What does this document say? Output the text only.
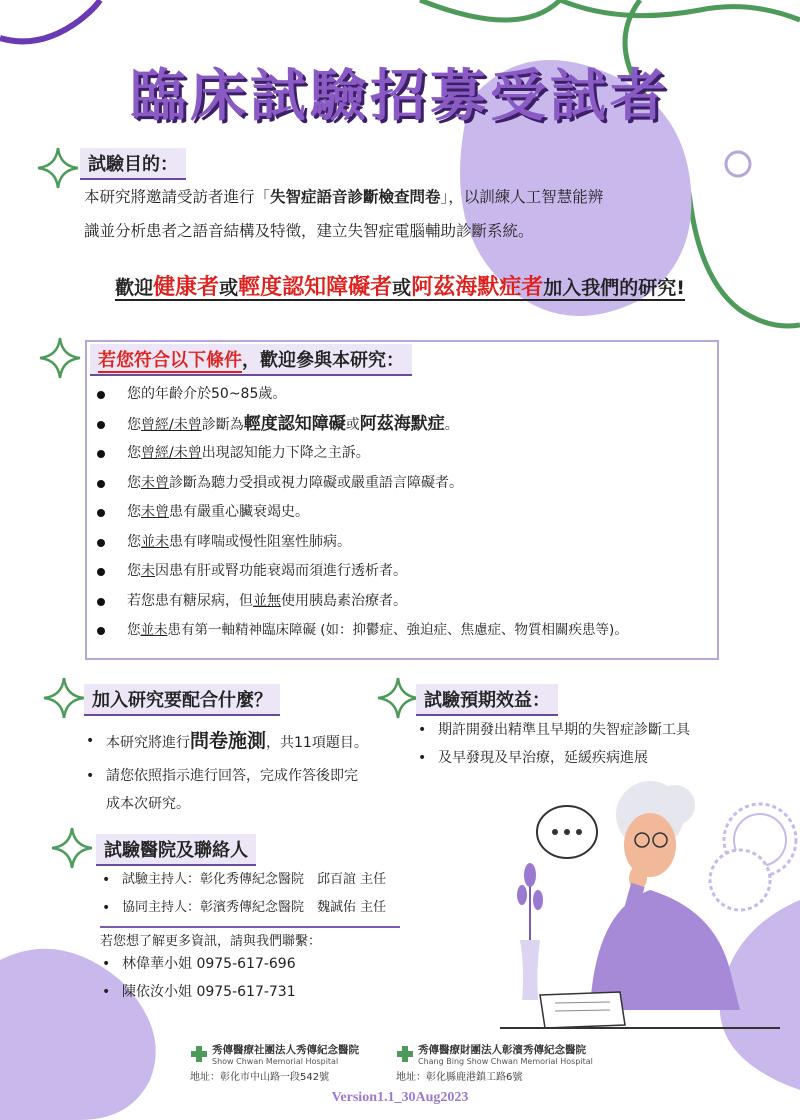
臨床試驗招募受試者
試驗目的：
本研究將邀請受訪者進行「失智症語音診斷檢查問卷」，以訓練人工智慧能辨
識並分析患者之語音結構及特徵，建立失智症電腦輔助診斷系統。
歡迎健康者或輕度認知障礙者或阿茲海默症者加入我們的研究!
若您符合以下條件，歡迎參與本研究：
您的年齡介於50~85歲。
您曾經/未曾診斷為輕度認知障礙或阿茲海默症。
您曾經/未曾出現認知能力下降之主訴。
您未曾診斷為聽力受損或視力障礙或嚴重語言障礙者。
您未曾患有嚴重心臟衰竭史。
您並未患有哮喘或慢性阻塞性肺病。
您未因患有肝或腎功能衰竭而須進行透析者。
若您患有糖尿病，但並無使用胰島素治療者。
您並未患有第一軸精神臨床障礙 (如：抑鬱症、強迫症、焦慮症、物質相關疾患等)。
加入研究要配合什麼？
• 本研究將進行問卷施測，共11項題目。
• 請您依照指示進行回答，完成作答後即完
成本次研究。
試驗預期效益：
• 期許開發出精準且早期的失智症診斷工具
• 及早發現及早治療，延緩疾病進展
試驗醫院及聯絡人
• 試驗主持人：彰化秀傳紀念醫院　邱百誼 主任
• 協同主持人：彰濱秀傳紀念醫院　魏誠佑 主任
若您想了解更多資訊，請與我們聯繫：
• 林偉華小姐 0975-617-696
• 陳依汝小姐 0975-617-731
秀傳醫療社團法人秀傳紀念醫院
Show Chwan Memorial Hospital
地址：彰化市中山路一段542號
秀傳醫療財團法人彰濱秀傳紀念醫院
Chang Bing Show Chwan Memorial Hospital
地址：彰化縣鹿港鎮工路6號
Version1.1_30Aug2023
